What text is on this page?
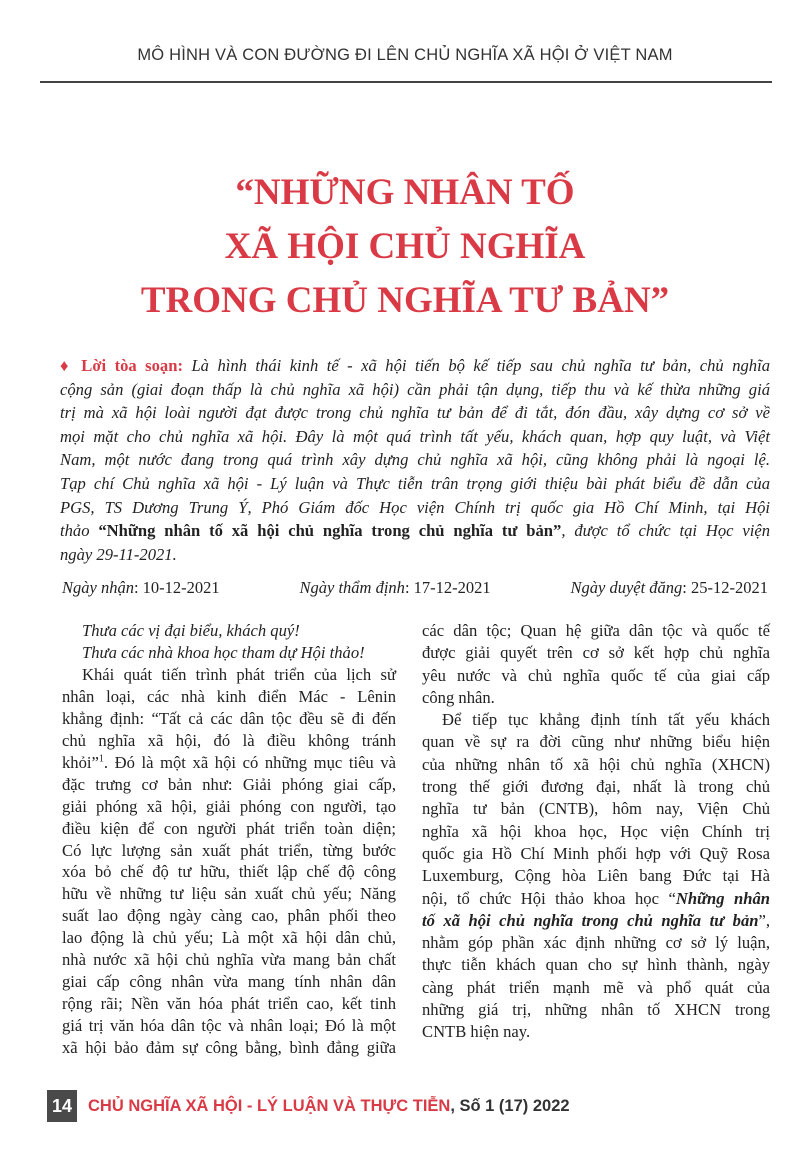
MÔ HÌNH VÀ CON ĐƯỜNG ĐI LÊN CHỦ NGHĨA XÃ HỘI Ở VIỆT NAM
“NHỮNG NHÂN TỐ
XÃ HỘI CHỦ NGHĨA
TRONG CHỦ NGHĨA TƯ BẢN”
♦ Lời tòa soạn: Là hình thái kinh tế - xã hội tiến bộ kế tiếp sau chủ nghĩa tư bản, chủ nghĩa
cộng sản (giai đoạn thấp là chủ nghĩa xã hội) cần phải tận dụng, tiếp thu và kế thừa những giá
trị mà xã hội loài người đạt được trong chủ nghĩa tư bản để đi tắt, đón đầu, xây dựng cơ sở về
mọi mặt cho chủ nghĩa xã hội. Đây là một quá trình tất yếu, khách quan, hợp quy luật, và Việt
Nam, một nước đang trong quá trình xây dựng chủ nghĩa xã hội, cũng không phải là ngoại lệ.
Tạp chí Chủ nghĩa xã hội - Lý luận và Thực tiễn trân trọng giới thiệu bài phát biểu đề dẫn của
PGS, TS Dương Trung Ý, Phó Giám đốc Học viện Chính trị quốc gia Hồ Chí Minh, tại Hội
thảo “Những nhân tố xã hội chủ nghĩa trong chủ nghĩa tư bản”, được tổ chức tại Học viện
ngày 29-11-2021.
Ngày nhận: 10-12-2021	Ngày thẩm định: 17-12-2021	Ngày duyệt đăng: 25-12-2021
Thưa các vị đại biểu, khách quý!
Thưa các nhà khoa học tham dự Hội thảo!
Khái quát tiến trình phát triển của lịch sử
nhân loại, các nhà kinh điển Mác - Lênin
khẳng định: “Tất cả các dân tộc đều sẽ đi đến
chủ nghĩa xã hội, đó là điều không tránh
khỏi”$^1$. Đó là một xã hội có những mục tiêu và
đặc trưng cơ bản như: Giải phóng giai cấp,
giải phóng xã hội, giải phóng con người, tạo
điều kiện để con người phát triển toàn diện;
Có lực lượng sản xuất phát triển, từng bước
xóa bỏ chế độ tư hữu, thiết lập chế độ công
hữu về những tư liệu sản xuất chủ yếu; Năng
suất lao động ngày càng cao, phân phối theo
lao động là chủ yếu; Là một xã hội dân chủ,
nhà nước xã hội chủ nghĩa vừa mang bản chất
giai cấp công nhân vừa mang tính nhân dân
rộng rãi; Nền văn hóa phát triển cao, kết tinh
giá trị văn hóa dân tộc và nhân loại; Đó là một
xã hội bảo đảm sự công bằng, bình đẳng giữa
các dân tộc; Quan hệ giữa dân tộc và quốc tế
được giải quyết trên cơ sở kết hợp chủ nghĩa
yêu nước và chủ nghĩa quốc tế của giai cấp
công nhân.
Để tiếp tục khẳng định tính tất yếu khách
quan về sự ra đời cũng như những biểu hiện
của những nhân tố xã hội chủ nghĩa (XHCN)
trong thế giới đương đại, nhất là trong chủ
nghĩa tư bản (CNTB), hôm nay, Viện Chủ
nghĩa xã hội khoa học, Học viện Chính trị
quốc gia Hồ Chí Minh phối hợp với Quỹ Rosa
Luxemburg, Cộng hòa Liên bang Đức tại Hà
nội, tổ chức Hội thảo khoa học “Những nhân
tố xã hội chủ nghĩa trong chủ nghĩa tư bản”,
nhằm góp phần xác định những cơ sở lý luận,
thực tiễn khách quan cho sự hình thành, ngày
càng phát triển mạnh mẽ và phổ quát của
những giá trị, những nhân tố XHCN trong
CNTB hiện nay.
14 CHỦ NGHĨA XÃ HỘI - LÝ LUẬN VÀ THỰC TIỄN , Số 1 (17) 2022
